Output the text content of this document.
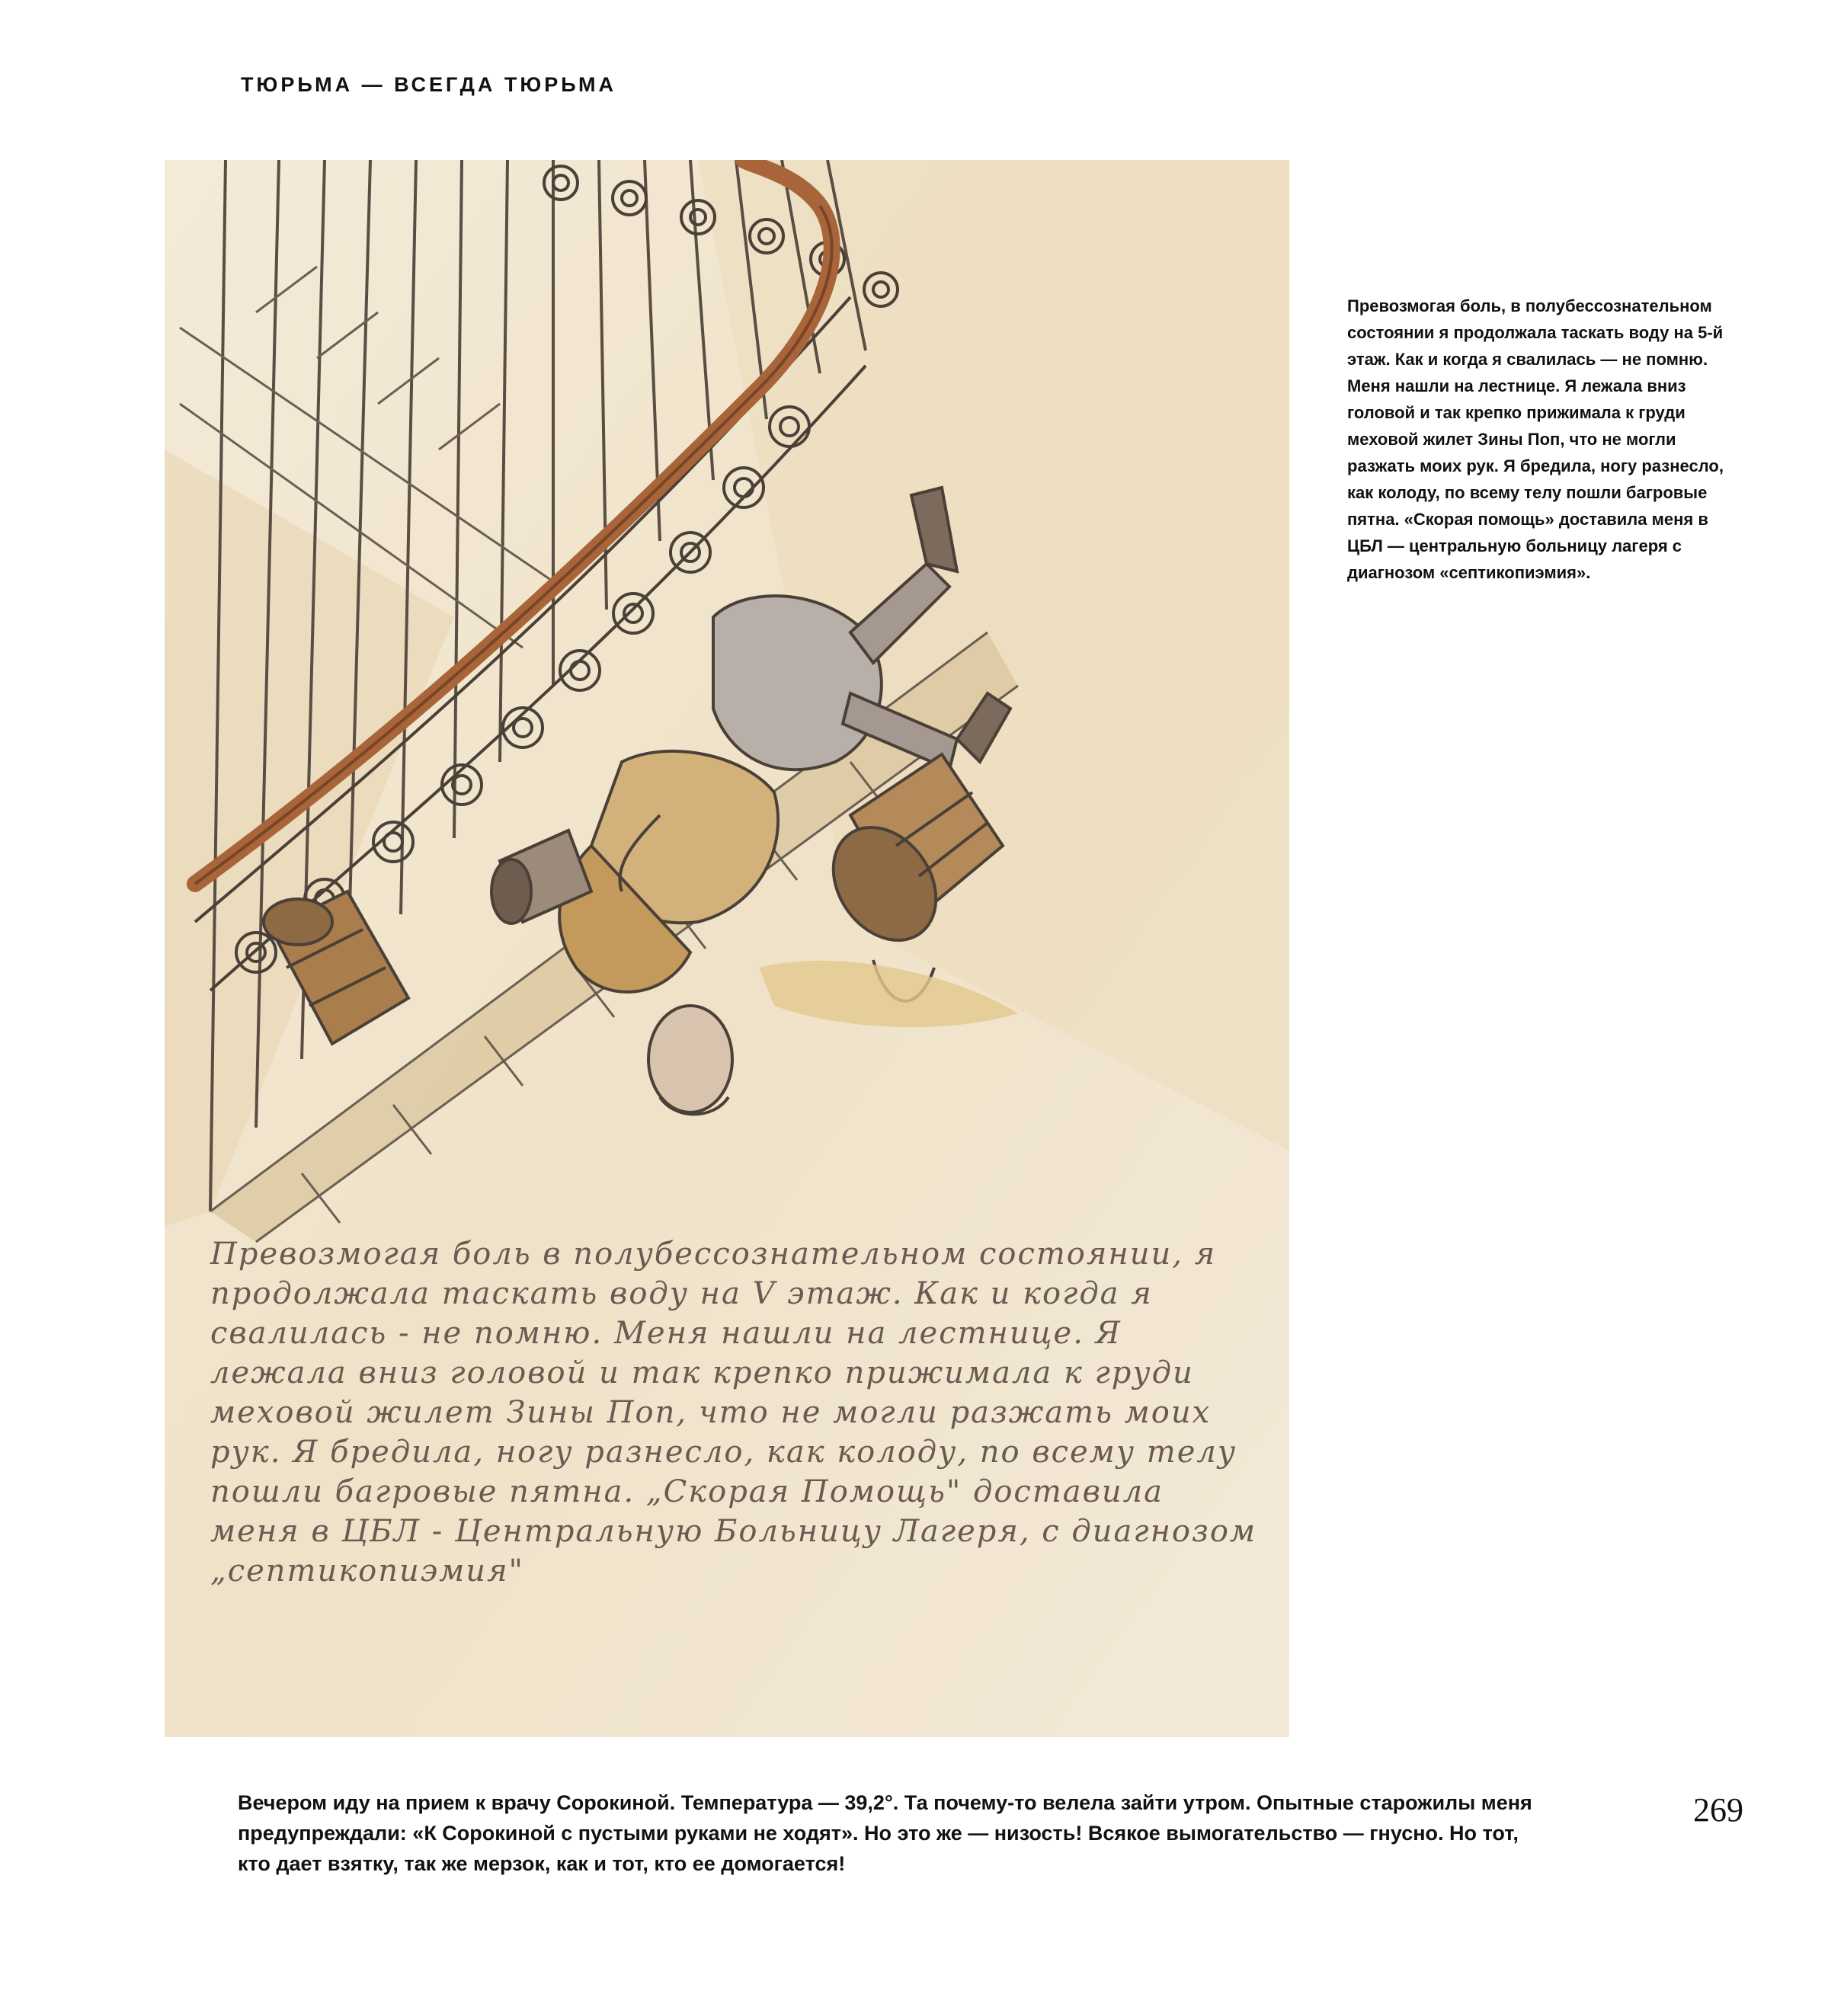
ТЮРЬМА — ВСЕГДА ТЮРЬМА
Превозмогая боль в полубессознательном состоянии, я продолжала таскать воду на V этаж. Как и когда я свалилась - не помню. Меня нашли на лестнице. Я лежала вниз головой и так крепко прижимала к груди меховой жилет Зины Поп, что не могли разжать моих рук. Я бредила, ногу разнесло, как колоду, по всему телу пошли багровые пятна. „Скорая Помощь" доставила меня в ЦБЛ - Центральную Больницу Лагеря, с диагнозом „септикопиэмия"
Превозмогая боль, в полубессознательном состоянии я продолжала таскать воду на 5-й этаж. Как и когда я свалилась — не помню. Меня нашли на лестнице. Я лежала вниз головой и так крепко прижимала к груди меховой жилет Зины Поп, что не могли разжать моих рук. Я бредила, ногу разнесло, как колоду, по всему телу пошли багровые пятна. «Скорая помощь» доставила меня в ЦБЛ — центральную больницу лагеря с диагнозом «септикопиэмия».
Вечером иду на прием к врачу Сорокиной. Температура — 39,2°. Та почему-то велела зайти утром. Опытные старожилы меня предупреждали: «К Сорокиной с пустыми руками не ходят». Но это же — низость! Всякое вымогательство — гнусно. Но тот, кто дает взятку, так же мерзок, как и тот, кто ее домогается!
269
